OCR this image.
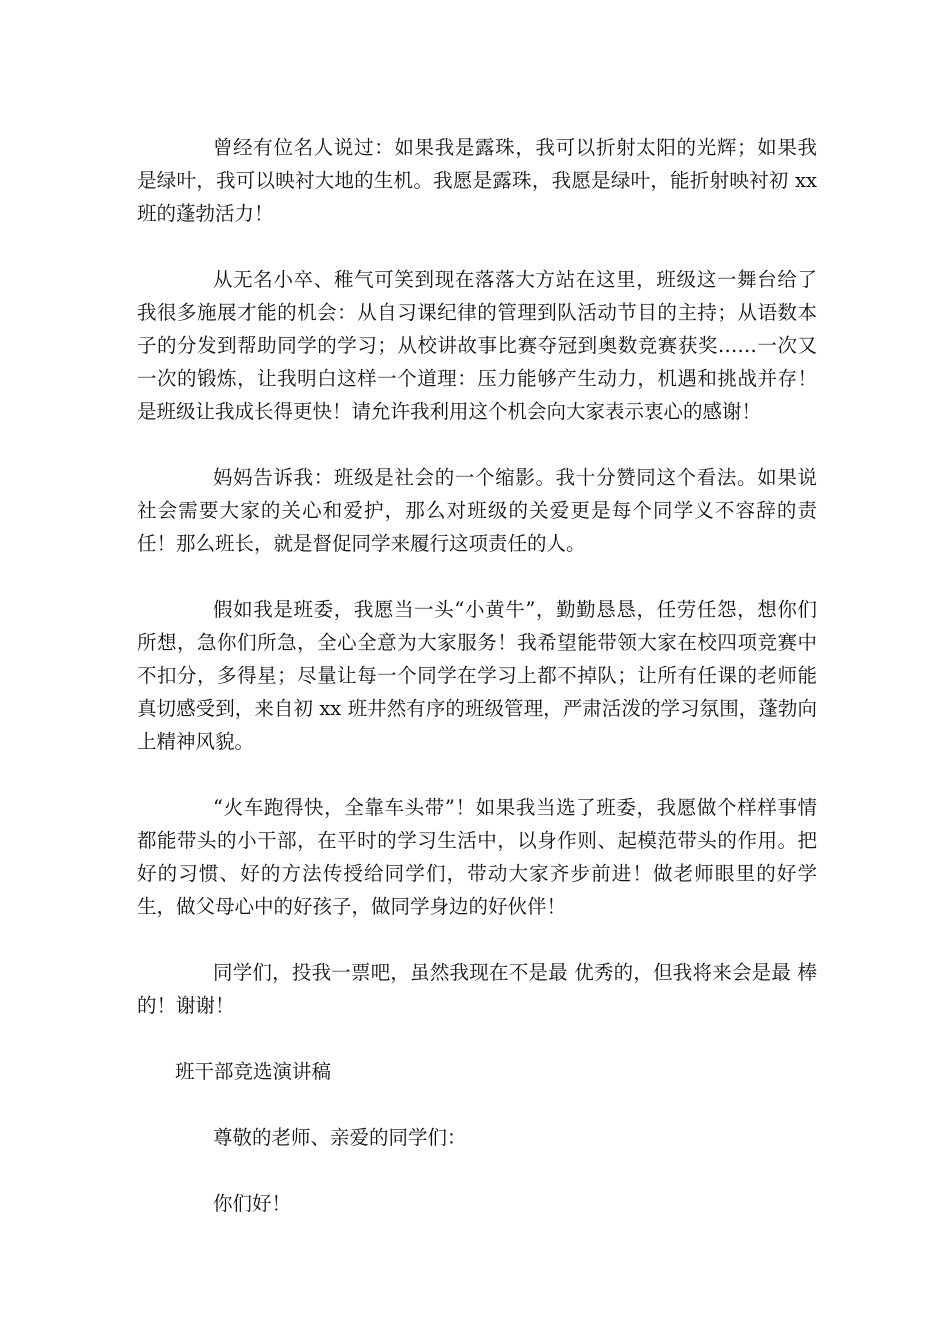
曾经有位名人说过：如果我是露珠，我可以折射太阳的光辉；如果我是绿叶，我可以映衬大地的生机。我愿是露珠，我愿是绿叶，能折射映衬初 xx 班的蓬勃活力！

从无名小卒、稚气可笑到现在落落大方站在这里，班级这一舞台给了我很多施展才能的机会：从自习课纪律的管理到队活动节目的主持；从语数本子的分发到帮助同学的学习；从校讲故事比赛夺冠到奥数竞赛获奖……一次又一次的锻炼，让我明白这样一个道理：压力能够产生动力，机遇和挑战并存！是班级让我成长得更快！请允许我利用这个机会向大家表示衷心的感谢！

妈妈告诉我：班级是社会的一个缩影。我十分赞同这个看法。如果说社会需要大家的关心和爱护，那么对班级的关爱更是每个同学义不容辞的责任！那么班长，就是督促同学来履行这项责任的人。

假如我是班委，我愿当一头“小黄牛”，勤勤恳恳，任劳任怨，想你们所想，急你们所急，全心全意为大家服务！我希望能带领大家在校四项竞赛中不扣分，多得星；尽量让每一个同学在学习上都不掉队；让所有任课的老师能真切感受到，来自初 xx 班井然有序的班级管理，严肃活泼的学习氛围，蓬勃向上精神风貌。

“火车跑得快，全靠车头带”！如果我当选了班委，我愿做个样样事情都能带头的小干部，在平时的学习生活中，以身作则、起模范带头的作用。把好的习惯、好的方法传授给同学们，带动大家齐步前进！做老师眼里的好学生，做父母心中的好孩子，做同学身边的好伙伴！

同学们，投我一票吧，虽然我现在不是最 优秀的，但我将来会是最 棒的！谢谢！

班干部竞选演讲稿

尊敬的老师、亲爱的同学们：

你们好！
